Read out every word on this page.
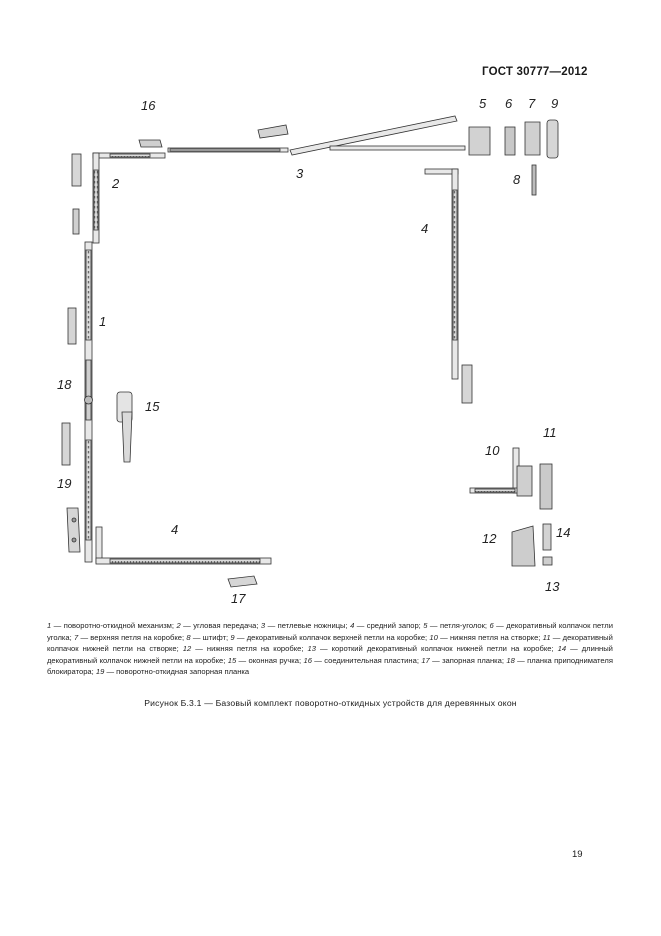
ГОСТ 30777—2012
16
2
3
5 6 7 9
8
4
1
18
15
19
4
17
11
10
12	14
13
1 — поворотно-откидной механизм; 2 — угловая передача; 3 — петлевые ножницы; 4 — средний запор; 5 — петля-уголок; 6 — декоративный колпачок петли уголка; 7 — верхняя петля на коробке; 8 — штифт; 9 — декоративный колпачок верхней петли на коробке; 10 — нижняя петля на створке; 11 — декоративный колпачок нижней петли на створке; 12 — нижняя петля на коробке; 13 — короткий декоративный колпачок нижней петли на коробке; 14 — длинный декоративный колпачок нижней петли на коробке; 15 — оконная ручка; 16 — соединительная пластина; 17 — запорная планка; 18 — планка приподнимателя блокиратора; 19 — поворотно-откидная запорная планка
Рисунок Б.3.1 — Базовый комплект поворотно-откидных устройств для деревянных окон
19
